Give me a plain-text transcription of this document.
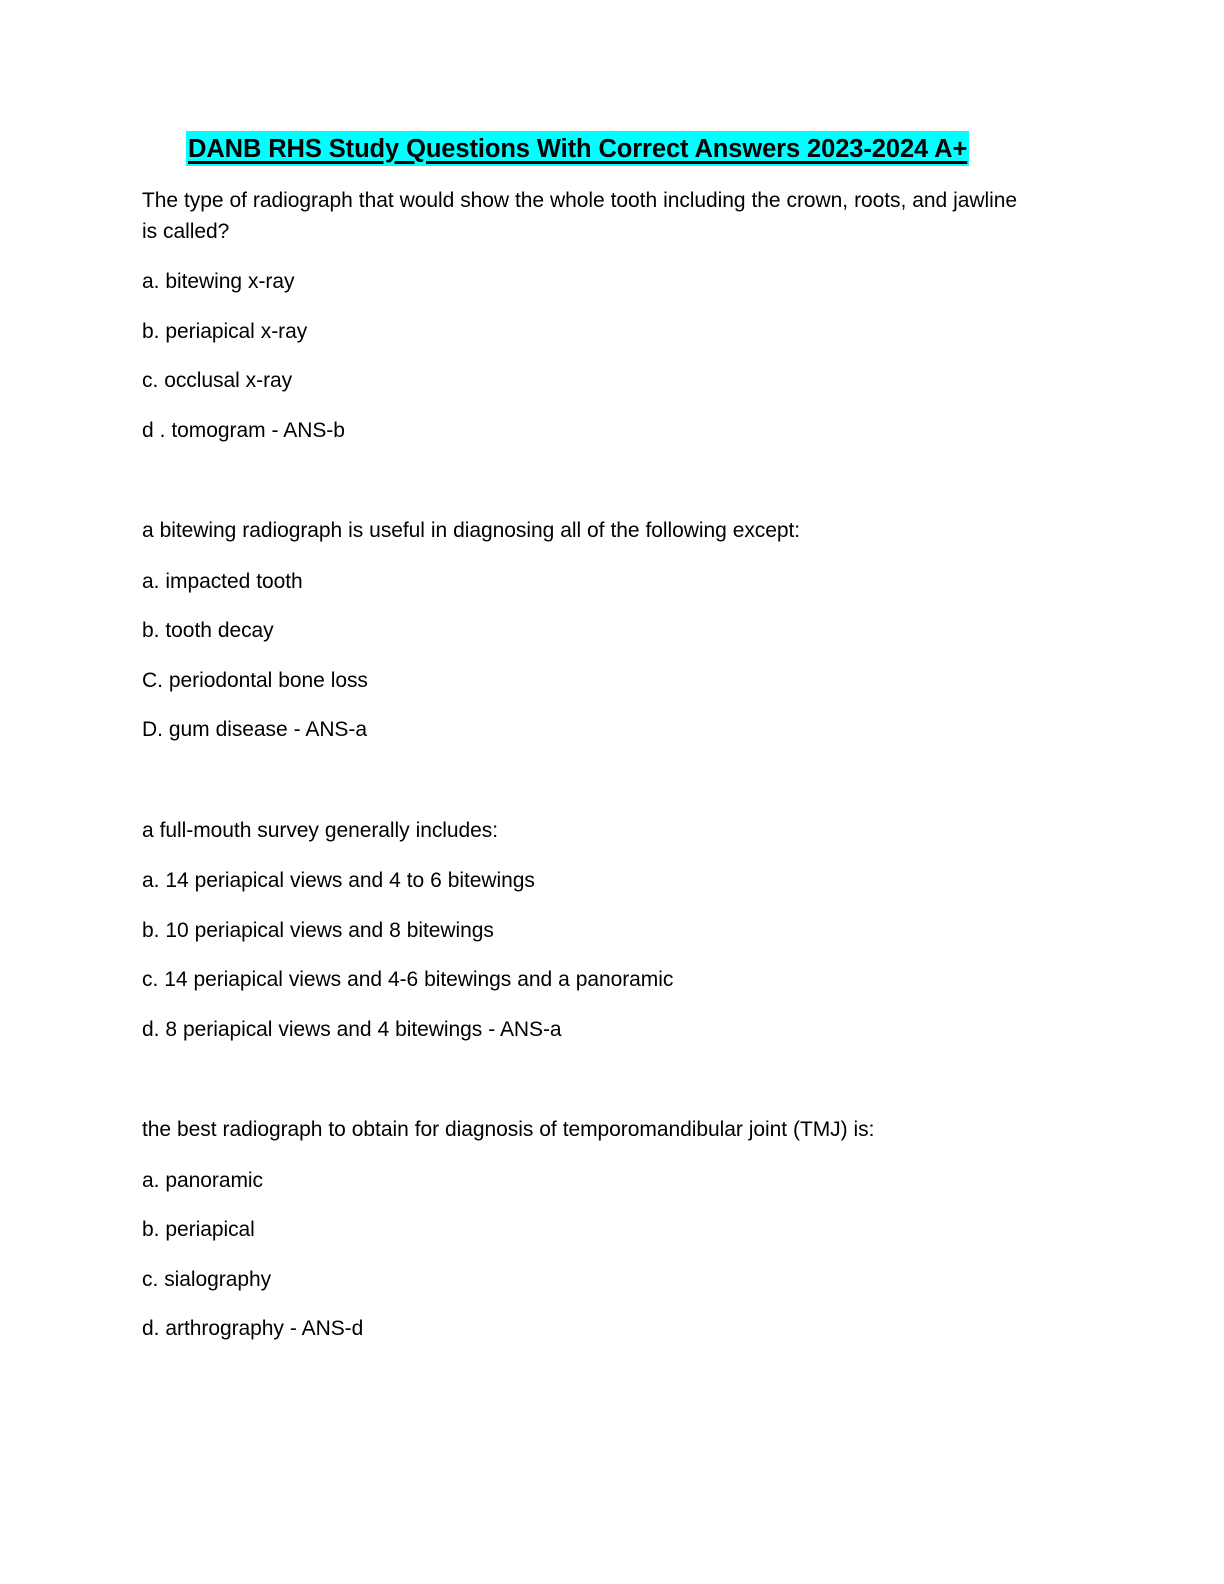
DANB RHS Study Questions With Correct Answers 2023-2024 A+

The type of radiograph that would show the whole tooth including the crown, roots, and jawline is called?

a. bitewing x-ray

b. periapical x-ray

c. occlusal x-ray

d . tomogram - ANS-b

a bitewing radiograph is useful in diagnosing all of the following except:

a. impacted tooth

b. tooth decay

C. periodontal bone loss

D. gum disease - ANS-a

a full-mouth survey generally includes:

a. 14 periapical views and 4 to 6 bitewings

b. 10 periapical views and 8 bitewings

c. 14 periapical views and 4-6 bitewings and a panoramic

d. 8 periapical views and 4 bitewings - ANS-a

the best radiograph to obtain for diagnosis of temporomandibular joint (TMJ) is:

a. panoramic

b. periapical

c. sialography

d. arthrography - ANS-d
